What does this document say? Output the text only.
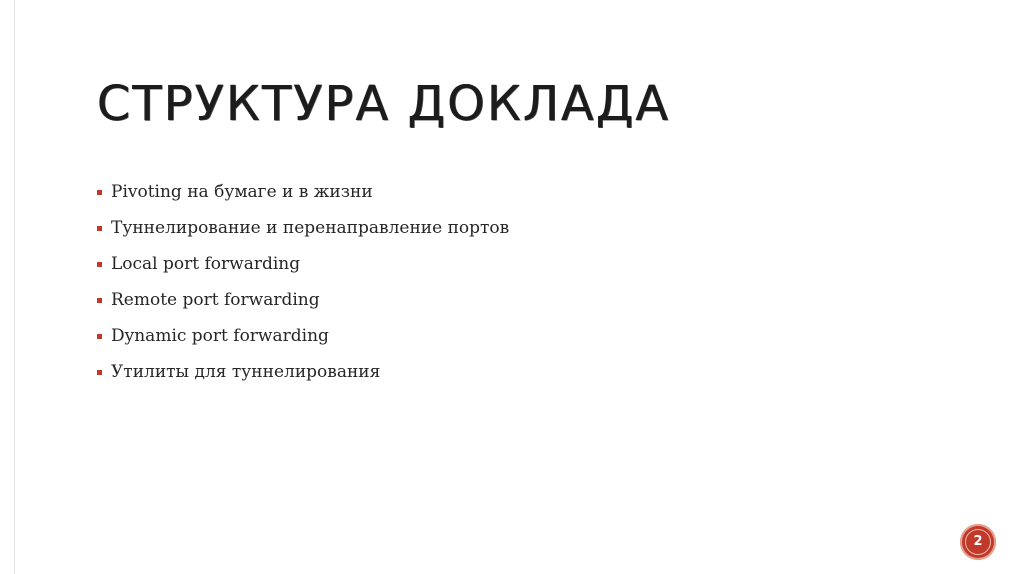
СТРУКТУРА ДОКЛАДА
Pivoting на бумаге и в жизни
Туннелирование и перенаправление портов
Local port forwarding
Remote port forwarding
Dynamic port forwarding
Утилиты для туннелирования
2
